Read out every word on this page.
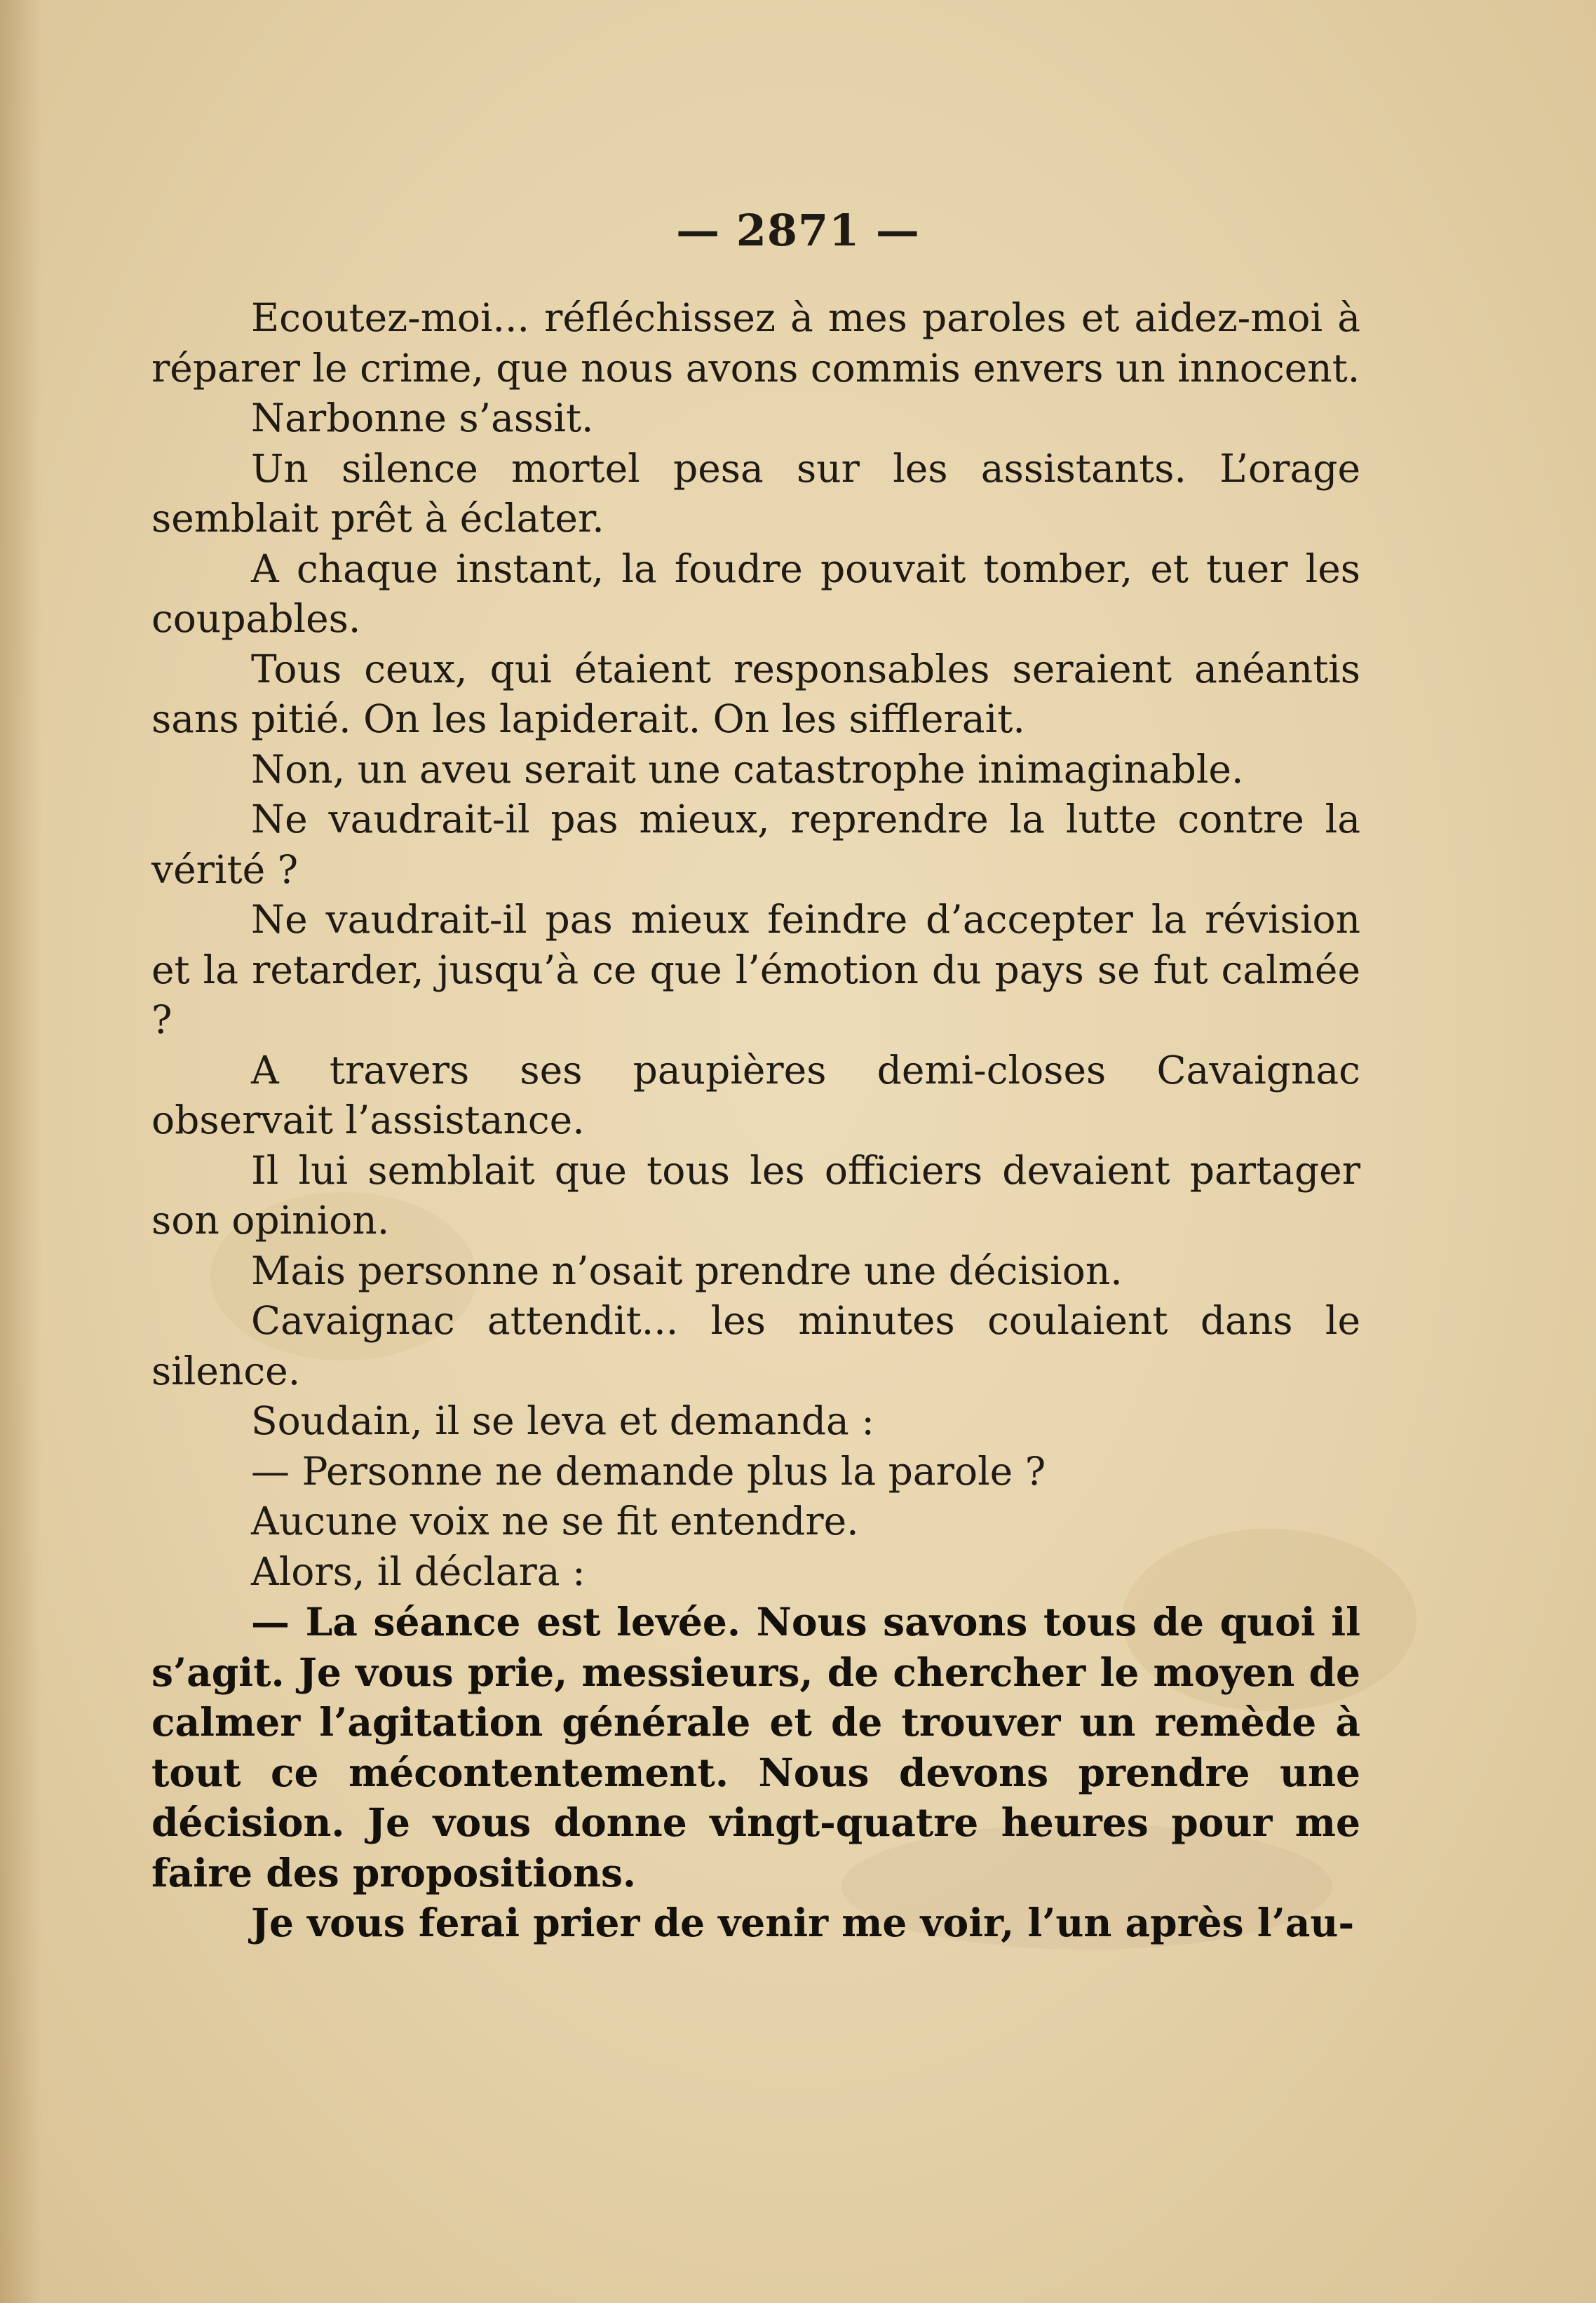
— 2871 —

Ecoutez-moi... réfléchissez à mes paroles et aidez-moi à réparer le crime, que nous avons commis envers un innocent.

Narbonne s’assit.

Un silence mortel pesa sur les assistants. L’orage semblait prêt à éclater.

A chaque instant, la foudre pouvait tomber, et tuer les coupables.

Tous ceux, qui étaient responsables seraient anéantis sans pitié. On les lapiderait. On les sifflerait.

Non, un aveu serait une catastrophe inimaginable.

Ne vaudrait-il pas mieux, reprendre la lutte contre la vérité ?

Ne vaudrait-il pas mieux feindre d’accepter la révision et la retarder, jusqu’à ce que l’émotion du pays se fut calmée ?

A travers ses paupières demi-closes Cavaignac observait l’assistance.

Il lui semblait que tous les officiers devaient partager son opinion.

Mais personne n’osait prendre une décision.

Cavaignac attendit... les minutes coulaient dans le silence.

Soudain, il se leva et demanda :

— Personne ne demande plus la parole ?

Aucune voix ne se fit entendre.

Alors, il déclara :

— La séance est levée. Nous savons tous de quoi il s’agit. Je vous prie, messieurs, de chercher le moyen de calmer l’agitation générale et de trouver un remède à tout ce mécontentement. Nous devons prendre une décision. Je vous donne vingt-quatre heures pour me faire des propositions.

Je vous ferai prier de venir me voir, l’un après l’au-
